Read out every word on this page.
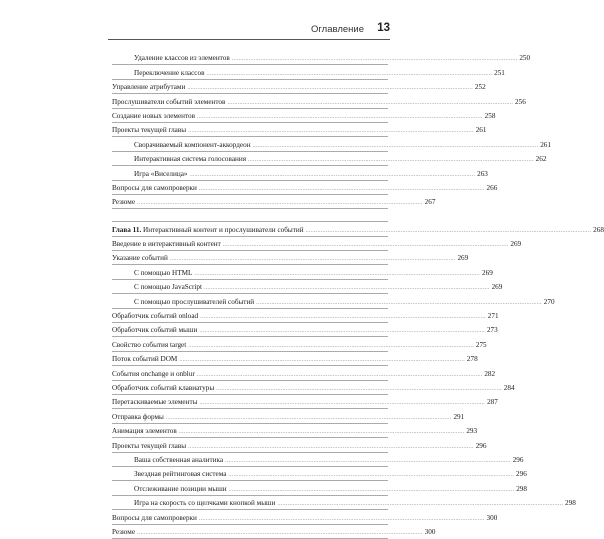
Оглавление 13
Удаление классов из элементов ........................................................................................................................................................................ 250
Переключение классов ........................................................................................................................................................................ 251
Управление атрибутами ........................................................................................................................................................................ 252
Прослушиватели событий элементов ........................................................................................................................................................................ 256
Создание новых элементов ........................................................................................................................................................................ 258
Проекты текущей главы ........................................................................................................................................................................ 261
Сворачиваемый компонент-аккордеон ........................................................................................................................................................................ 261
Интерактивная система голосования ........................................................................................................................................................................ 262
Игра «Виселица» ........................................................................................................................................................................ 263
Вопросы для самопроверки ........................................................................................................................................................................ 266
Резюме ........................................................................................................................................................................ 267
Глава 11. Интерактивный контент и прослушиватели событий ........................................................................................................................................................................ 268
Введение в интерактивный контент ........................................................................................................................................................................ 269
Указание событий ........................................................................................................................................................................ 269
С помощью HTML ........................................................................................................................................................................ 269
С помощью JavaScript ........................................................................................................................................................................ 269
С помощью прослушивателей событий ........................................................................................................................................................................ 270
Обработчик событий onload ........................................................................................................................................................................ 271
Обработчик событий мыши ........................................................................................................................................................................ 273
Свойство события target ........................................................................................................................................................................ 275
Поток событий DOM ........................................................................................................................................................................ 278
События onchange и onblur ........................................................................................................................................................................ 282
Обработчик событий клавиатуры ........................................................................................................................................................................ 284
Перетаскиваемые элементы ........................................................................................................................................................................ 287
Отправка формы ........................................................................................................................................................................ 291
Анимация элементов ........................................................................................................................................................................ 293
Проекты текущей главы ........................................................................................................................................................................ 296
Ваша собственная аналитика ........................................................................................................................................................................ 296
Звездная рейтинговая система ........................................................................................................................................................................ 296
Отслеживание позиции мыши ........................................................................................................................................................................ 298
Игра на скорость со щелчками кнопкой мыши ........................................................................................................................................................................ 298
Вопросы для самопроверки ........................................................................................................................................................................ 300
Резюме ........................................................................................................................................................................ 300
